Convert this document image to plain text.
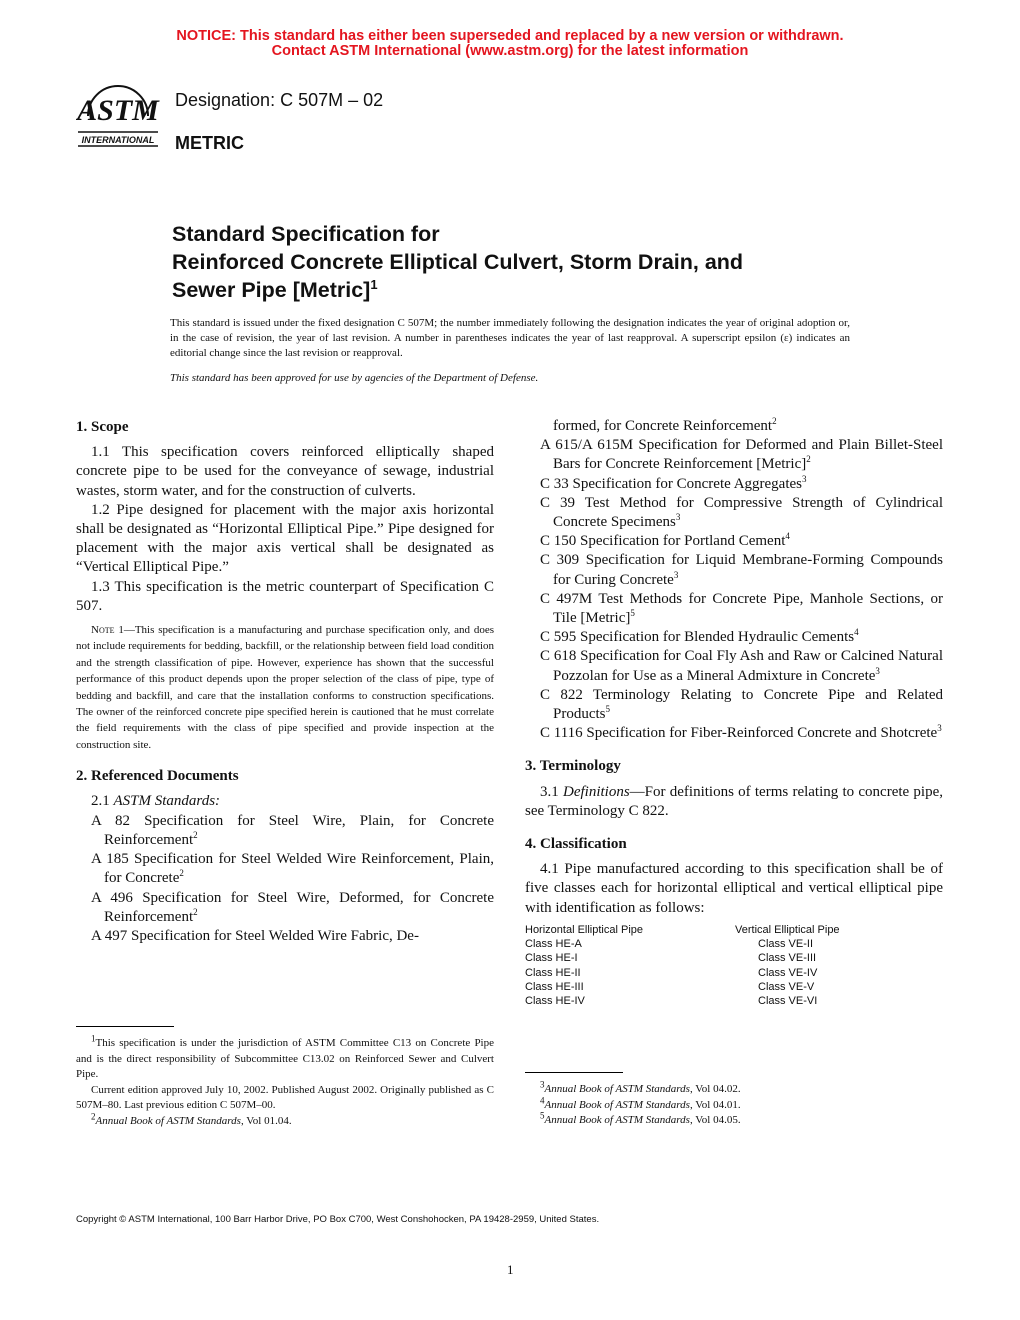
NOTICE: This standard has either been superseded and replaced by a new version or withdrawn.
Contact ASTM International (www.astm.org) for the latest information
ASTM
INTERNATIONAL
Designation: C 507M – 02
METRIC
Standard Specification for
Reinforced Concrete Elliptical Culvert, Storm Drain, and
Sewer Pipe [Metric]$^1$
This standard is issued under the fixed designation C 507M; the number immediately following the designation indicates the year of original adoption or, in the case of revision, the year of last revision. A number in parentheses indicates the year of last reapproval. A superscript epsilon (ε) indicates an editorial change since the last revision or reapproval.
This standard has been approved for use by agencies of the Department of Defense.

1. Scope

1.1 This specification covers reinforced elliptically shaped concrete pipe to be used for the conveyance of sewage, industrial wastes, storm water, and for the construction of culverts.

1.2 Pipe designed for placement with the major axis horizontal shall be designated as “Horizontal Elliptical Pipe.” Pipe designed for placement with the major axis vertical shall be designated as “Vertical Elliptical Pipe.”

1.3 This specification is the metric counterpart of Specification C 507.

Note 1—This specification is a manufacturing and purchase specification only, and does not include requirements for bedding, backfill, or the relationship between field load condition and the strength classification of pipe. However, experience has shown that the successful performance of this product depends upon the proper selection of the class of pipe, type of bedding and backfill, and care that the installation conforms to construction specifications. The owner of the reinforced concrete pipe specified herein is cautioned that he must correlate the field requirements with the class of pipe specified and provide inspection at the construction site.

2. Referenced Documents

2.1 ASTM Standards:

A 82 Specification for Steel Wire, Plain, for Concrete Reinforcement$^2$

A 185 Specification for Steel Welded Wire Reinforcement, Plain, for Concrete$^2$

A 496 Specification for Steel Wire, Deformed, for Concrete Reinforcement$^2$

A 497 Specification for Steel Welded Wire Fabric, De-

$^1$This specification is under the jurisdiction of ASTM Committee C13 on Concrete Pipe and is the direct responsibility of Subcommittee C13.02 on Reinforced Sewer and Culvert Pipe.

Current edition approved July 10, 2002. Published August 2002. Originally published as C 507M–80. Last previous edition C 507M–00.

$^2$Annual Book of ASTM Standards, Vol 01.04.

formed, for Concrete Reinforcement$^2$

A 615/A 615M Specification for Deformed and Plain Billet-Steel Bars for Concrete Reinforcement [Metric]$^2$

C 33 Specification for Concrete Aggregates$^3$

C 39 Test Method for Compressive Strength of Cylindrical Concrete Specimens$^3$

C 150 Specification for Portland Cement$^4$

C 309 Specification for Liquid Membrane-Forming Compounds for Curing Concrete$^3$

C 497M Test Methods for Concrete Pipe, Manhole Sections, or Tile [Metric]$^5$

C 595 Specification for Blended Hydraulic Cements$^4$

C 618 Specification for Coal Fly Ash and Raw or Calcined Natural Pozzolan for Use as a Mineral Admixture in Concrete$^3$

C 822 Terminology Relating to Concrete Pipe and Related Products$^5$

C 1116 Specification for Fiber-Reinforced Concrete and Shotcrete$^3$

3. Terminology

3.1 Definitions—For definitions of terms relating to concrete pipe, see Terminology C 822.

4. Classification

4.1 Pipe manufactured according to this specification shall be of five classes each for horizontal elliptical and vertical elliptical pipe with identification as follows:

Horizontal Elliptical Pipe
Class HE-A
Class HE-I
Class HE-II
Class HE-III
Class HE-IV
Vertical Elliptical Pipe
Class VE-II
Class VE-III
Class VE-IV
Class VE-V
Class VE-VI

$^3$Annual Book of ASTM Standards, Vol 04.02.

$^4$Annual Book of ASTM Standards, Vol 04.01.

$^5$Annual Book of ASTM Standards, Vol 04.05.

Copyright © ASTM International, 100 Barr Harbor Drive, PO Box C700, West Conshohocken, PA 19428-2959, United States.
1
